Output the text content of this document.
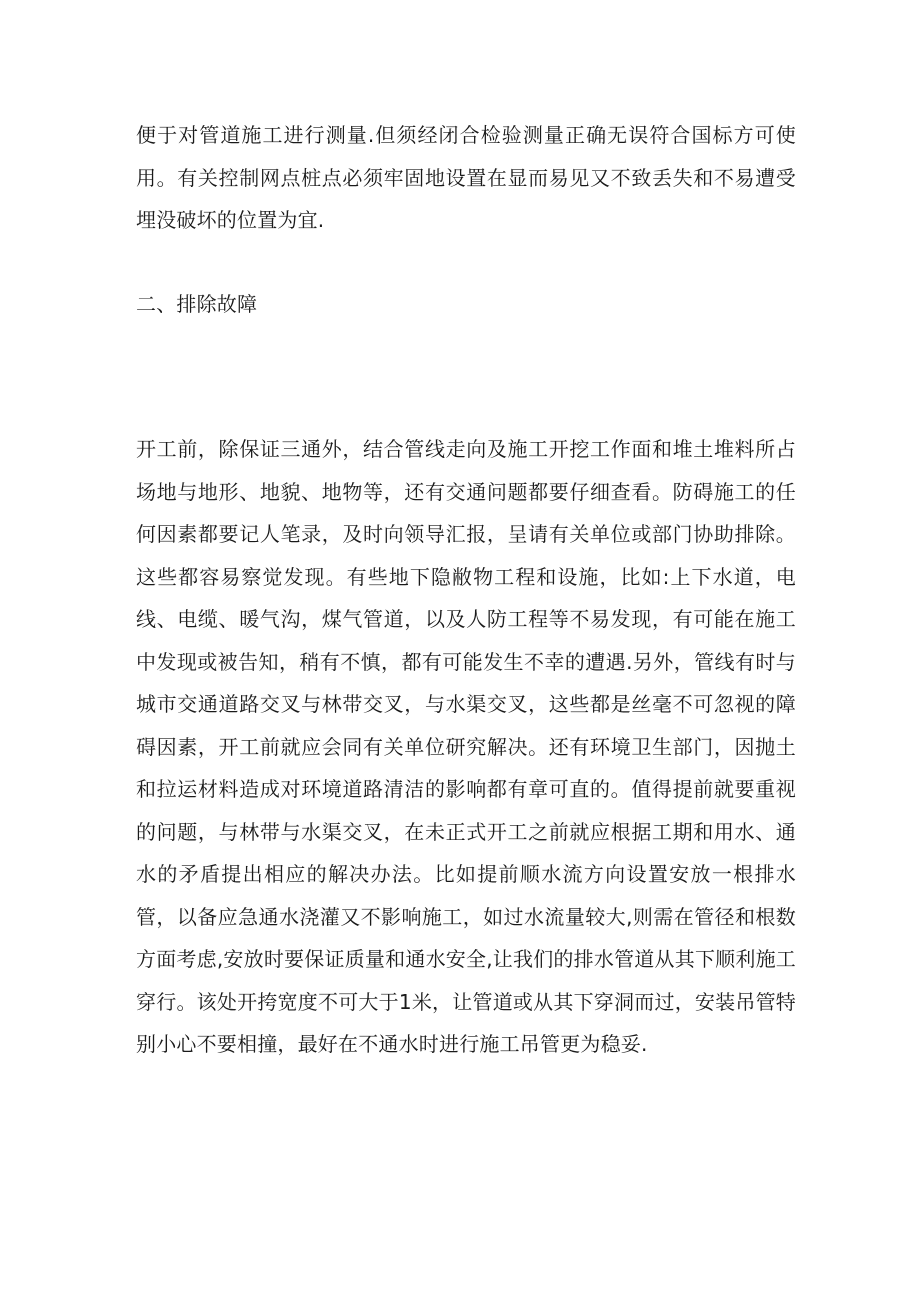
便于对管道施工进行测量.但须经闭合检验测量正确无误符合国标方可使用。有关控制网点桩点必须牢固地设置在显而易见又不致丢失和不易遭受埋没破坏的位置为宜.

二、排除故障

开工前，除保证三通外，结合管线走向及施工开挖工作面和堆土堆料所占场地与地形、地貌、地物等，还有交通问题都要仔细查看。防碍施工的任何因素都要记人笔录，及时向领导汇报，呈请有关单位或部门协助排除。这些都容易察觉发现。有些地下隐敝物工程和设施，比如:上下水道，电线、电缆、暖气沟，煤气管道，以及人防工程等不易发现，有可能在施工中发现或被告知，稍有不慎，都有可能发生不幸的遭遇.另外，管线有时与城市交通道路交叉与林带交叉，与水渠交叉，这些都是丝毫不可忽视的障碍因素，开工前就应会同有关单位研究解决。还有环境卫生部门，因抛土和拉运材料造成对环境道路清洁的影响都有章可直的。值得提前就要重视的问题，与林带与水渠交叉，在未正式开工之前就应根据工期和用水、通水的矛盾提出相应的解决办法。比如提前顺水流方向设置安放一根排水管，以备应急通水浇灌又不影响施工，如过水流量较大,则需在管径和根数方面考虑,安放时要保证质量和通水安全,让我们的排水管道从其下顺利施工穿行。该处开挎宽度不可大于1米，让管道或从其下穿洞而过，安装吊管特别小心不要相撞，最好在不通水时进行施工吊管更为稳妥.
